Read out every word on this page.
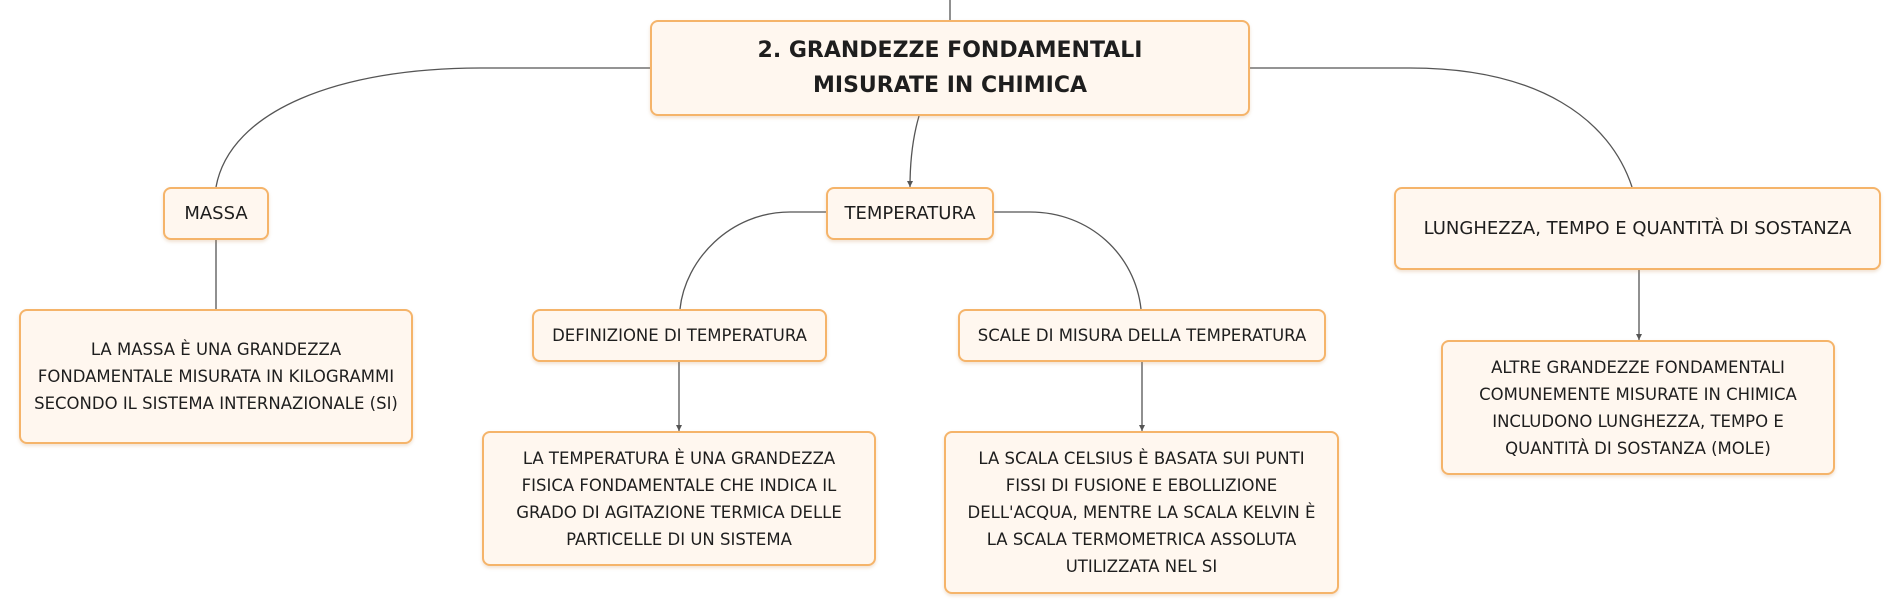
2. GRANDEZZE FONDAMENTALI MISURATE IN CHIMICA
MASSA	TEMPERATURA
LUNGHEZZA, TEMPO E QUANTITÀ DI SOSTANZA
DEFINIZIONE DI TEMPERATURA	SCALE DI MISURA DELLA TEMPERATURA
LA MASSA È UNA GRANDEZZA FONDAMENTALE MISURATA IN KILOGRAMMI SECONDO IL SISTEMA INTERNAZIONALE (SI)
LA TEMPERATURA È UNA GRANDEZZA FISICA FONDAMENTALE CHE INDICA IL GRADO DI AGITAZIONE TERMICA DELLE PARTICELLE DI UN SISTEMA
LA SCALA CELSIUS È BASATA SUI PUNTI FISSI DI FUSIONE E EBOLLIZIONE DELL'ACQUA, MENTRE LA SCALA KELVIN È LA SCALA TERMOMETRICA ASSOLUTA UTILIZZATA NEL SI
ALTRE GRANDEZZE FONDAMENTALI COMUNEMENTE MISURATE IN CHIMICA INCLUDONO LUNGHEZZA, TEMPO E QUANTITÀ DI SOSTANZA (MOLE)
